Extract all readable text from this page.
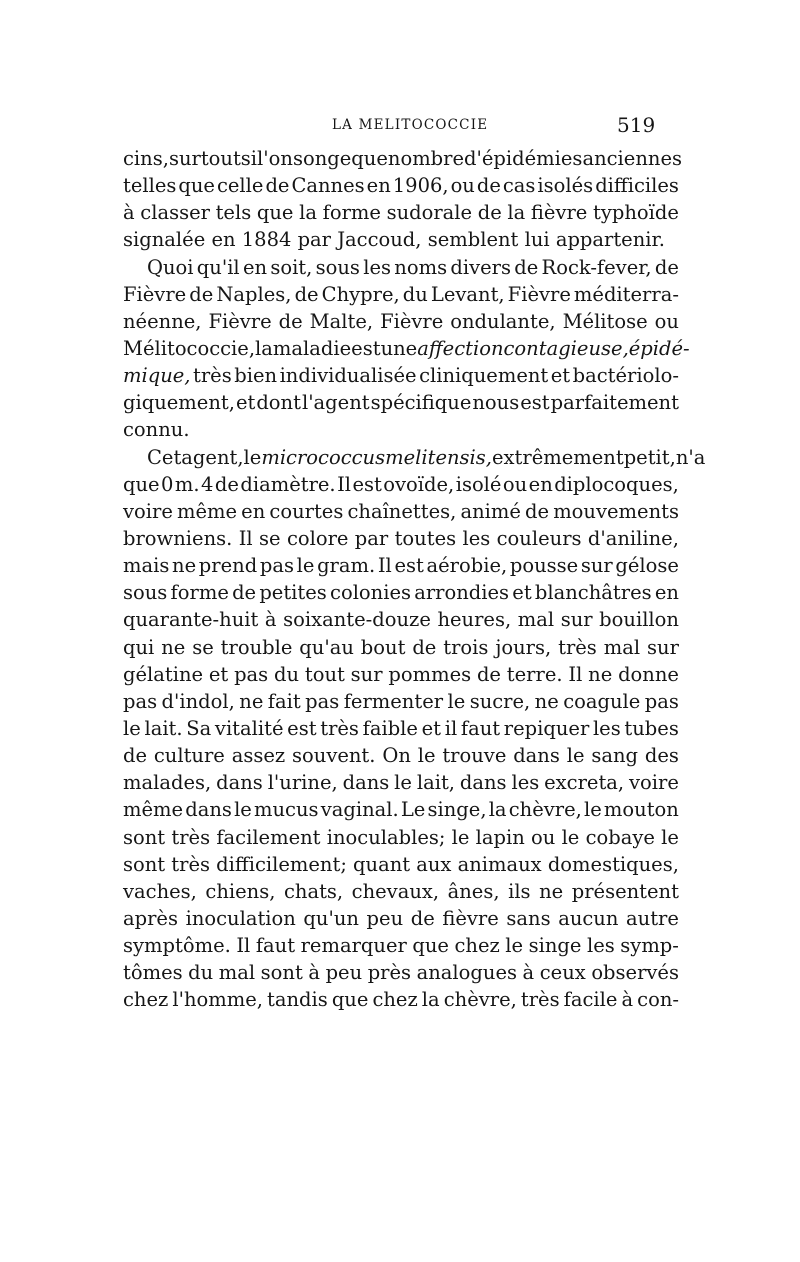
LA MELITOCOCCIE	519
cins, surtout si l'on songe que nombre d'épidémies anciennes
telles que celle de Cannes en 1906, ou de cas isolés difficiles
à classer tels que la forme sudorale de la fièvre typhoïde
signalée en 1884 par Jaccoud, semblent lui appartenir.
Quoi qu'il en soit, sous les noms divers de Rock-fever, de
Fièvre de Naples, de Chypre, du Levant, Fièvre méditerra-
néenne, Fièvre de Malte, Fièvre ondulante, Mélitose ou
Mélitococcie, la maladie est une affection contagieuse, épidé-
mique, très bien individualisée cliniquement et bactériolo-
giquement, et dont l'agent spécifique nous est parfaitement
connu.
Cet agent, le micrococcus melitensis, extrêmement petit, n'a
que 0 m. 4 de diamètre. Il est ovoïde, isolé ou en diplocoques,
voire même en courtes chaînettes, animé de mouvements
browniens. Il se colore par toutes les couleurs d'aniline,
mais ne prend pas le gram. Il est aérobie, pousse sur gélose
sous forme de petites colonies arrondies et blanchâtres en
quarante-huit à soixante-douze heures, mal sur bouillon
qui ne se trouble qu'au bout de trois jours, très mal sur
gélatine et pas du tout sur pommes de terre. Il ne donne
pas d'indol, ne fait pas fermenter le sucre, ne coagule pas
le lait. Sa vitalité est très faible et il faut repiquer les tubes
de culture assez souvent. On le trouve dans le sang des
malades, dans l'urine, dans le lait, dans les excreta, voire
même dans le mucus vaginal. Le singe, la chèvre, le mouton
sont très facilement inoculables; le lapin ou le cobaye le
sont très difficilement; quant aux animaux domestiques,
vaches, chiens, chats, chevaux, ânes, ils ne présentent
après inoculation qu'un peu de fièvre sans aucun autre
symptôme. Il faut remarquer que chez le singe les symp-
tômes du mal sont à peu près analogues à ceux observés
chez l'homme, tandis que chez la chèvre, très facile à con-
